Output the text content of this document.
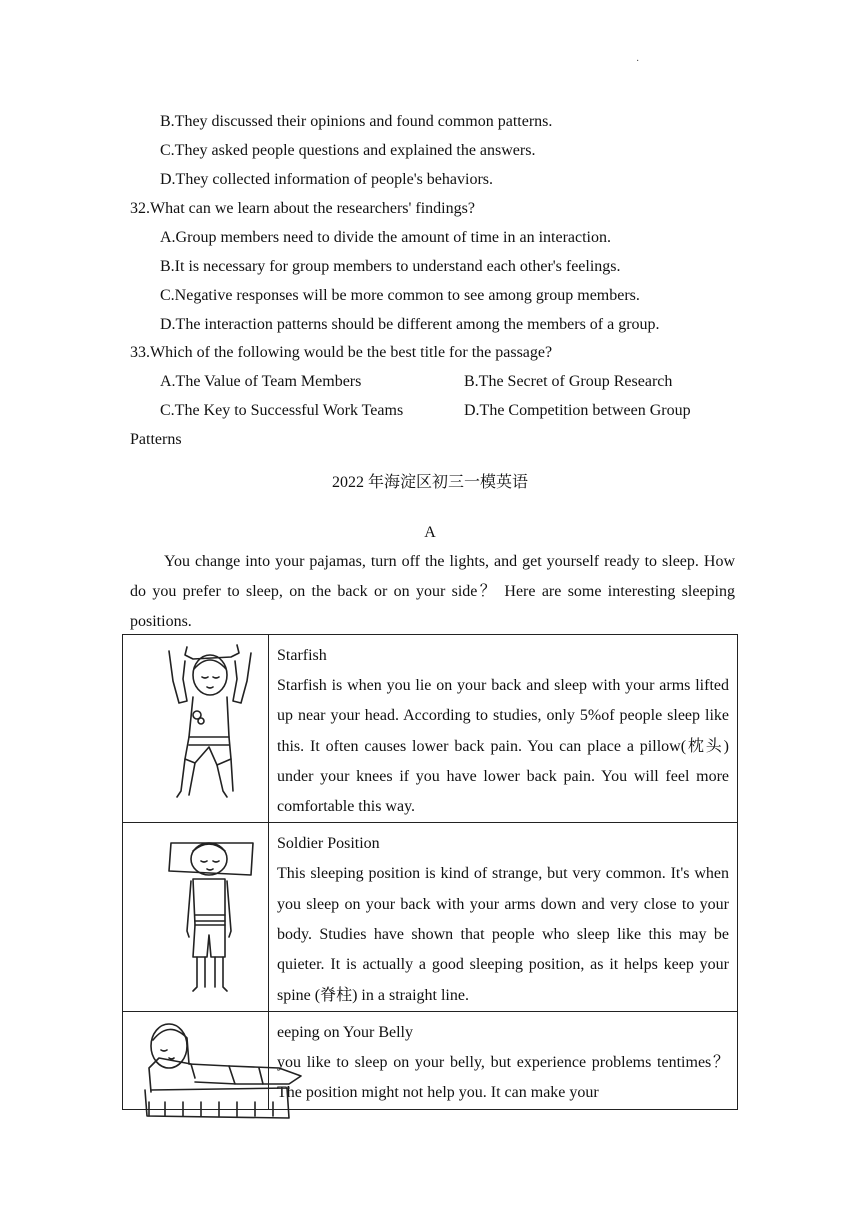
·
B.They discussed their opinions and found common patterns.
C.They asked people questions and explained the answers.
D.They collected information of people's behaviors.
32.What can we learn about the researchers' findings?
A.Group members need to divide the amount of time in an interaction.
B.It is necessary for group members to understand each other's feelings.
C.Negative responses will be more common to see among group members.
D.The interaction patterns should be different among the members of a group.
33.Which of the following would be the best title for the passage?
A.The Value of Team Members	B.The Secret of Group Research
C.The Key to Successful Work Teams	D.The Competition between Group
Patterns
2022 年海淀区初三一模英语
A
You change into your pajamas, turn off the lights, and get yourself ready to sleep. How do you prefer to sleep, on the back or on your side？ Here are some interesting sleeping positions.

Starfish
Starfish is when you lie on your back and sleep with your arms lifted up near your head. According to studies, only 5%of people sleep like this. It often causes lower back pain. You can place a pillow(枕头) under your knees if you have lower back pain. You will feel more comfortable this way.

Soldier Position
This sleeping position is kind of strange, but very common. It's when you sleep on your back with your arms down and very close to your body. Studies have shown that people who sleep like this may be quieter. It is actually a good sleeping position, as it helps keep your spine (脊柱) in a straight line.

eeping on Your Belly
you like to sleep on your belly, but experience problems tentimes？ The position might not help you. It can make your
